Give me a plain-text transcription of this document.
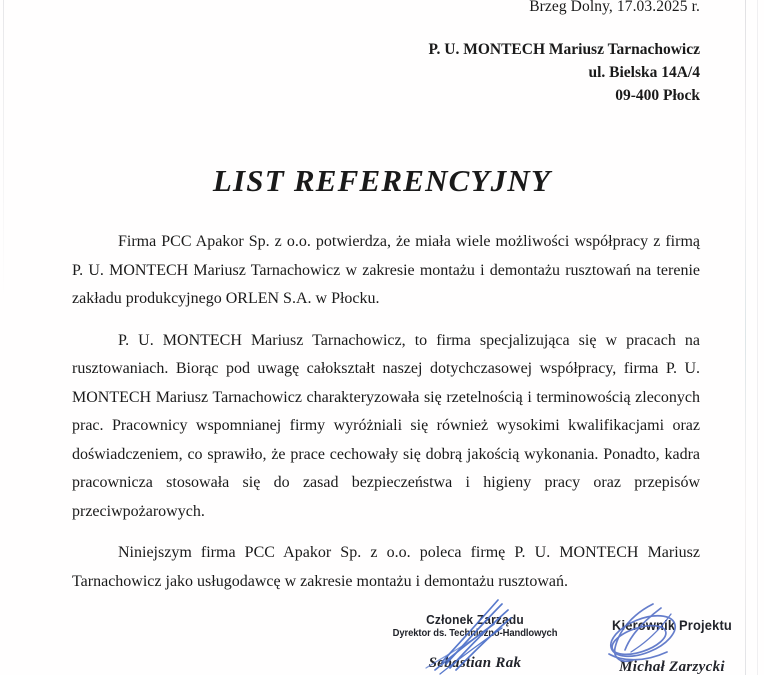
Brzeg Dolny, 17.03.2025 r.
P. U. MONTECH Mariusz Tarnachowicz
ul. Bielska 14A/4
09-400 Płock
LIST REFERENCYJNY

Firma PCC Apakor Sp. z o.o. potwierdza, że miała wiele możliwości współpracy z firmą P. U. MONTECH Mariusz Tarnachowicz w zakresie montażu i demontażu rusztowań na terenie zakładu produkcyjnego ORLEN S.A. w Płocku.

P. U. MONTECH Mariusz Tarnachowicz, to firma specjalizująca się w pracach na rusztowaniach. Biorąc pod uwagę całokształt naszej dotychczasowej współpracy, firma P. U. MONTECH Mariusz Tarnachowicz charakteryzowała się rzetelnością i terminowością zleconych prac. Pracownicy wspomnianej firmy wyróżniali się również wysokimi kwalifikacjami oraz doświadczeniem, co sprawiło, że prace cechowały się dobrą jakością wykonania. Ponadto, kadra pracownicza stosowała się do zasad bezpieczeństwa i higieny pracy oraz przepisów przeciwpożarowych.

Niniejszym firma PCC Apakor Sp. z o.o. poleca firmę P. U. MONTECH Mariusz Tarnachowicz jako usługodawcę w zakresie montażu i demontażu rusztowań.

Członek Zarządu
Dyrektor ds. Techniczno-Handlowych
Sebastian Rak
Kierownik Projektu
Michał Zarzycki
